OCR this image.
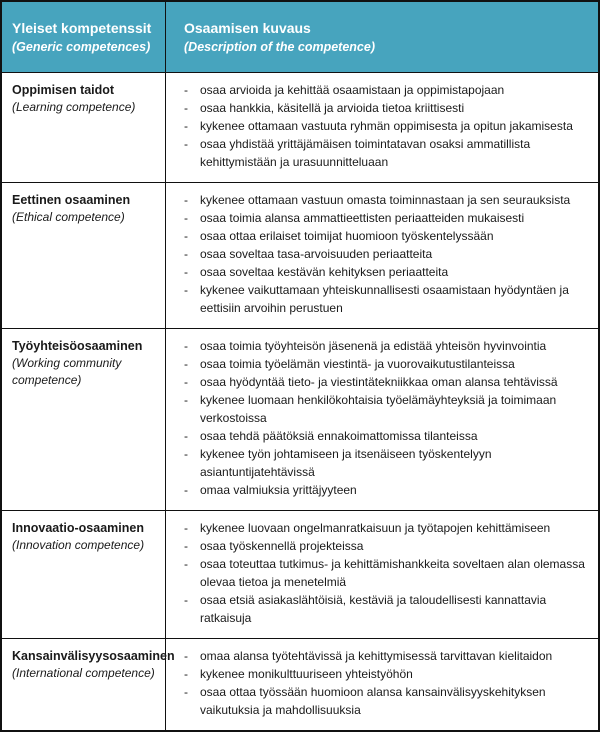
Yleiset kompetenssit
(Generic competences)
Osaamisen kuvaus
(Description of the competence)
Oppimisen taidot
(Learning competence)
- osaa arvioida ja kehittää osaamistaan ja oppimistapojaan
- osaa hankkia, käsitellä ja arvioida tietoa kriittisesti
- kykenee ottamaan vastuuta ryhmän oppimisesta ja opitun jakamisesta
- osaa yhdistää yrittäjämäisen toimintatavan osaksi ammatillista kehittymistään ja urasuunnitteluaan
Eettinen osaaminen
(Ethical competence)
- kykenee ottamaan vastuun omasta toiminnastaan ja sen seurauksista
- osaa toimia alansa ammattieettisten periaatteiden mukaisesti
- osaa ottaa erilaiset toimijat huomioon työskentelyssään
- osaa soveltaa tasa-arvoisuuden periaatteita
- osaa soveltaa kestävän kehityksen periaatteita
- kykenee vaikuttamaan yhteiskunnallisesti osaamistaan hyödyntäen ja eettisiin arvoihin perustuen
Työyhteisöosaaminen
(Working community competence)
- osaa toimia työyhteisön jäsenenä ja edistää yhteisön hyvinvointia
- osaa toimia työelämän viestintä- ja vuorovaikutustilanteissa
- osaa hyödyntää tieto- ja viestintätekniikkaa oman alansa tehtävissä
- kykenee luomaan henkilökohtaisia työelämäyhteyksiä ja toimimaan verkostoissa
- osaa tehdä päätöksiä ennakoimattomissa tilanteissa
- kykenee työn johtamiseen ja itsenäiseen työskentelyyn asiantuntijatehtävissä
- omaa valmiuksia yrittäjyyteen
Innovaatio-osaaminen
(Innovation competence)
- kykenee luovaan ongelmanratkaisuun ja työtapojen kehittämiseen
- osaa työskennellä projekteissa
- osaa toteuttaa tutkimus- ja kehittämishankkeita soveltaen alan olemassa olevaa tietoa ja menetelmiä
- osaa etsiä asiakaslähtöisiä, kestäviä ja taloudellisesti kannattavia ratkaisuja
Kansainvälisyysosaaminen
(International competence)
- omaa alansa työtehtävissä ja kehittymisessä tarvittavan kielitaidon
- kykenee monikulttuuriseen yhteistyöhön
- osaa ottaa työssään huomioon alansa kansainvälisyyskehityksen vaikutuksia ja mahdollisuuksia
